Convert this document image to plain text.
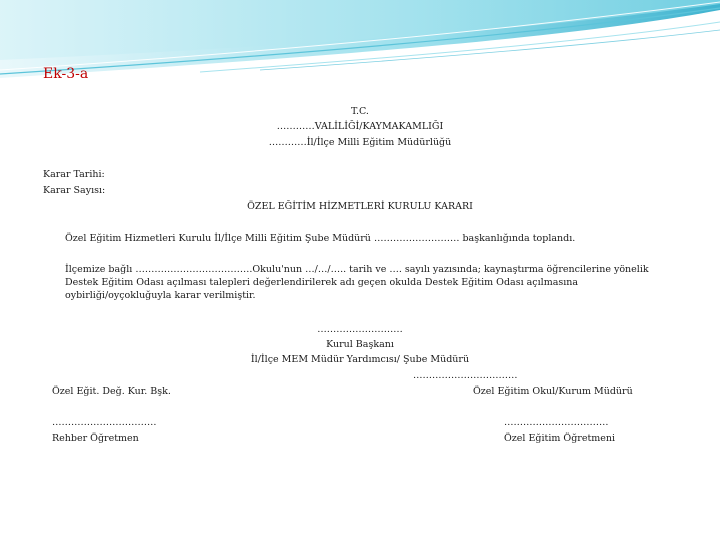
Ek-3-a
T.C.
…………VALİLİĞİ/KAYMAKAMLIĞI
…………İl/İlçe Milli Eğitim Müdürlüğü
Karar Tarihi:
Karar Sayısı:
ÖZEL EĞİTİM HİZMETLERİ KURULU KARARI
Özel Eğitim Hizmetleri Kurulu İl/İlçe Milli Eğitim Şube Müdürü ……………………… başkanlığında toplandı.
İlçemize bağlı ……………………………….Okulu'nun …/…/….. tarih ve …. sayılı yazısında; kaynaştırma öğrencilerine yönelik
Destek Eğitim Odası açılması talepleri değerlendirilerek adı geçen okulda Destek Eğitim Odası açılmasına
oybirliği/oyçokluğuyla karar verilmiştir.
………………………
Kurul Başkanı
İl/İlçe MEM Müdür Yardımcısı/ Şube Müdürü
……………………………
Özel Eğit. Değ. Kur. Bşk.	Özel Eğitim Okul/Kurum Müdürü
……………………………	……………………………
Rehber Öğretmen	Özel Eğitim Öğretmeni
